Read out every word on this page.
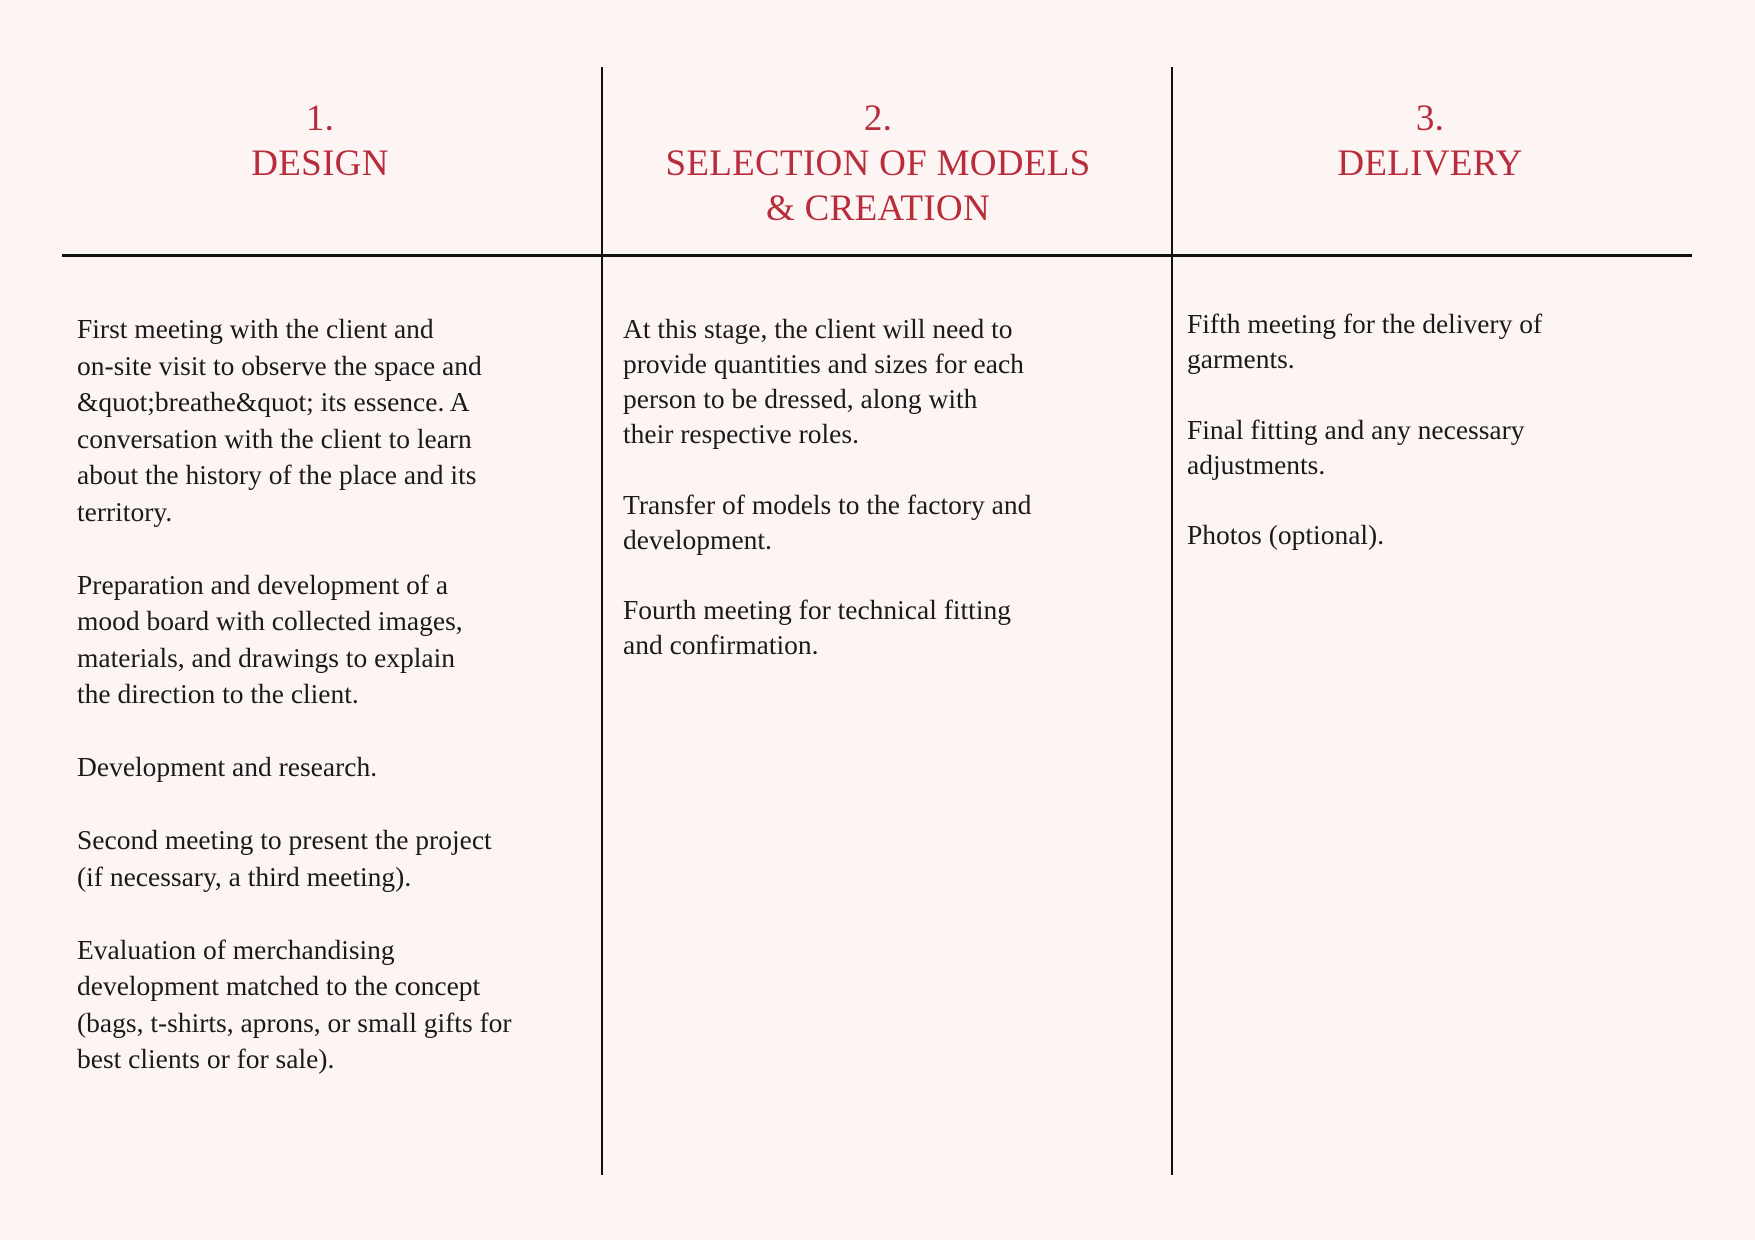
1.
DESIGN
2.
SELECTION OF MODELS
& CREATION
3.
DELIVERY

First meeting with the client and
on-site visit to observe the space and
&quot;breathe&quot; its essence. A
conversation with the client to learn
about the history of the place and its
territory.

Preparation and development of a
mood board with collected images,
materials, and drawings to explain
the direction to the client.

Development and research.

Second meeting to present the project
(if necessary, a third meeting).

Evaluation of merchandising
development matched to the concept
(bags, t-shirts, aprons, or small gifts for
best clients or for sale).

At this stage, the client will need to
provide quantities and sizes for each
person to be dressed, along with
their respective roles.

Transfer of models to the factory and
development.

Fourth meeting for technical fitting
and confirmation.

Fifth meeting for the delivery of
garments.

Final fitting and any necessary
adjustments.

Photos (optional).
